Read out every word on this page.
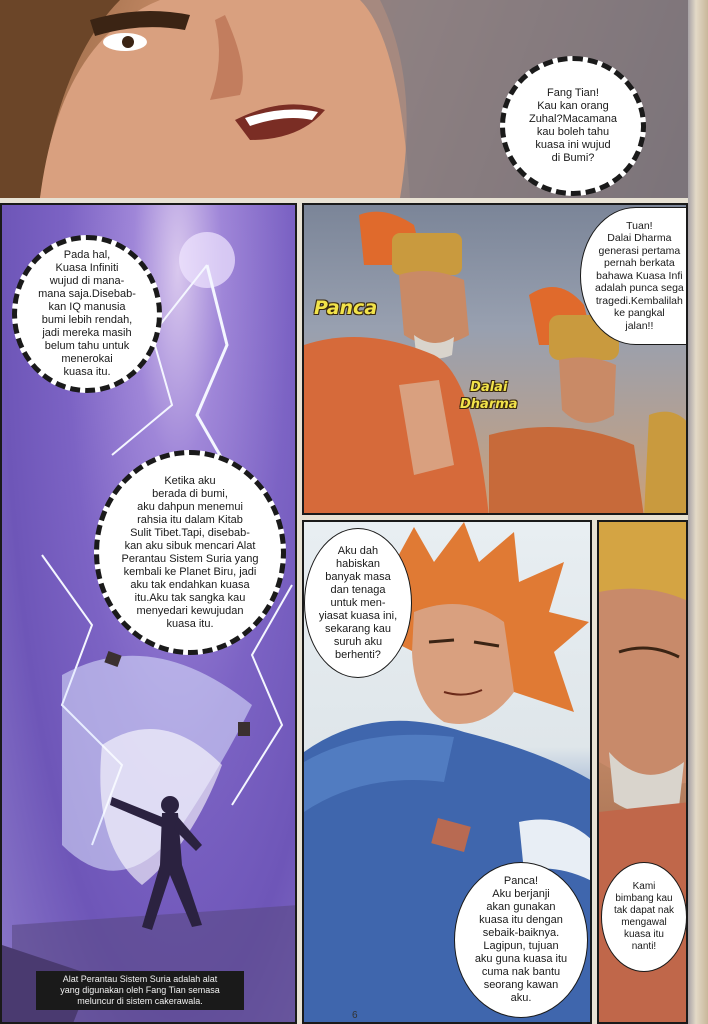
Fang Tian!
Kau kan orang
Zuhal?Macamana
kau boleh tahu
kuasa ini wujud
di Bumi?
Pada hal,
Kuasa Infiniti
wujud di mana-
mana saja.Disebab-
kan IQ manusia
bumi lebih rendah,
jadi mereka masih
belum tahu untuk
menerokai
kuasa itu.
Ketika aku
berada di bumi,
aku dahpun menemui
rahsia itu dalam Kitab
Sulit Tibet.Tapi, disebab-
kan aku sibuk mencari Alat
Perantau Sistem Suria yang
kembali ke Planet Biru, jadi
aku tak endahkan kuasa
itu.Aku tak sangka kau
menyedari kewujudan
kuasa itu.
Alat Perantau Sistem Suria adalah alat
yang digunakan oleh Fang Tian semasa
meluncur di sistem cakerawala.
Panca
Dalai
Dharma
Tuan!
Dalai Dharma
generasi pertama
pernah berkata
bahawa Kuasa Infi
adalah punca sega
tragedi.Kembalilah
ke pangkal
jalan!!
Aku dah
habiskan
banyak masa
dan tenaga
untuk men-
yiasat kuasa ini,
sekarang kau
suruh aku
berhenti?
Panca!
Aku berjanji
akan gunakan
kuasa itu dengan
sebaik-baiknya.
Lagipun, tujuan
aku guna kuasa itu
cuma nak bantu
seorang kawan
aku.
Kami
bimbang kau
tak dapat nak
mengawal
kuasa itu
nanti!
6
